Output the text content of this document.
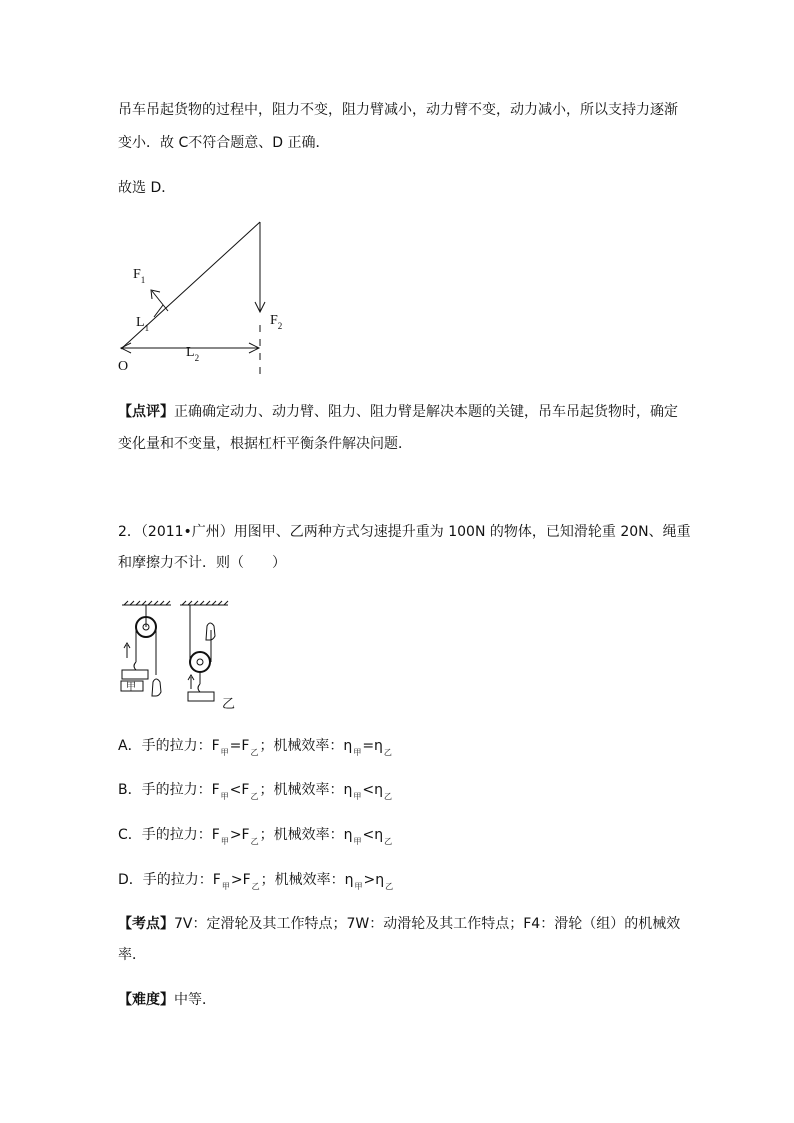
吊车吊起货物的过程中，阻力不变，阻力臂减小，动力臂不变，动力减小，所以支持力逐渐
变小．故 C不符合题意、D 正确．
故选 D．
$F_1$
$L_1$	$F_2$
$L_2$
O
【点评】正确确定动力、动力臂、阻力、阻力臂是解决本题的关键，吊车吊起货物时，确定
变化量和不变量，根据杠杆平衡条件解决问题．
2．（2011•广州）用图甲、乙两种方式匀速提升重为 100N 的物体，已知滑轮重 20N、绳重
和摩擦力不计．则（　　）
甲
乙
A．手的拉力：$F_甲=F_乙$；机械效率：$\eta_甲=\eta_乙$
B．手的拉力：$F_甲<F_乙$；机械效率：$\eta_甲<\eta_乙$
C．手的拉力：$F_甲>F_乙$；机械效率：$\eta_甲<\eta_乙$
D．手的拉力：$F_甲>F_乙$；机械效率：$\eta_甲>\eta_乙$
【考点】7V：定滑轮及其工作特点；7W：动滑轮及其工作特点；F4：滑轮（组）的机械效
率．
【难度】中等．
